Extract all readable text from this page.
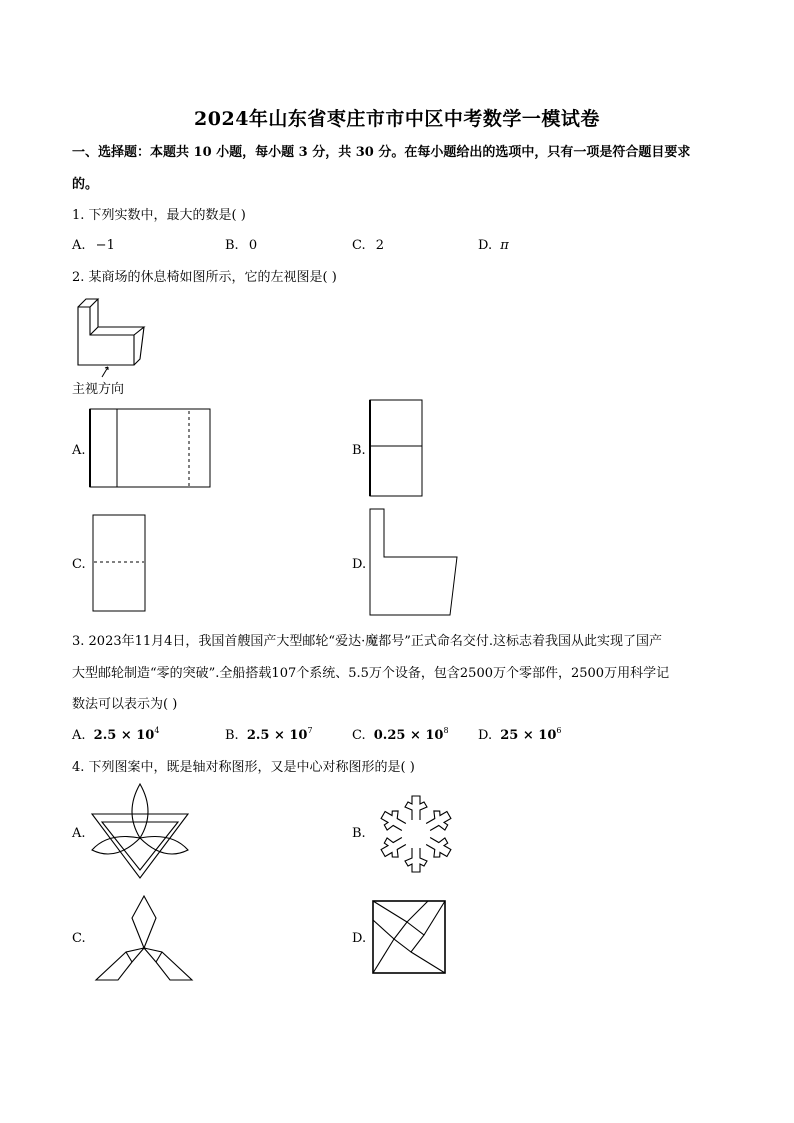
2024年山东省枣庄市市中区中考数学一模试卷
一、选择题：本题共 10 小题，每小题 3 分，共 30 分。在每小题给出的选项中，只有一项是符合题目要求
的。
1. 下列实数中，最大的数是( )
A. −1	B. 0	C. 2	D. π
2. 某商场的休息椅如图所示，它的左视图是( )
主视方向
A.	B.
C.	D.
3. 2023年11月4日，我国首艘国产大型邮轮“爱达·魔都号”正式命名交付.这标志着我国从此实现了国产
大型邮轮制造“零的突破”.全船搭载107个系统、5.5万个设备，包含2500万个零部件，2500万用科学记
数法可以表示为( )
A. $2.5 \times 10^4$	B. $2.5 \times 10^7$	C. $0.25 \times 10^8$ D. $25 \times 10^6$
4. 下列图案中，既是轴对称图形，又是中心对称图形的是( )
A.	B.
C.	D.
